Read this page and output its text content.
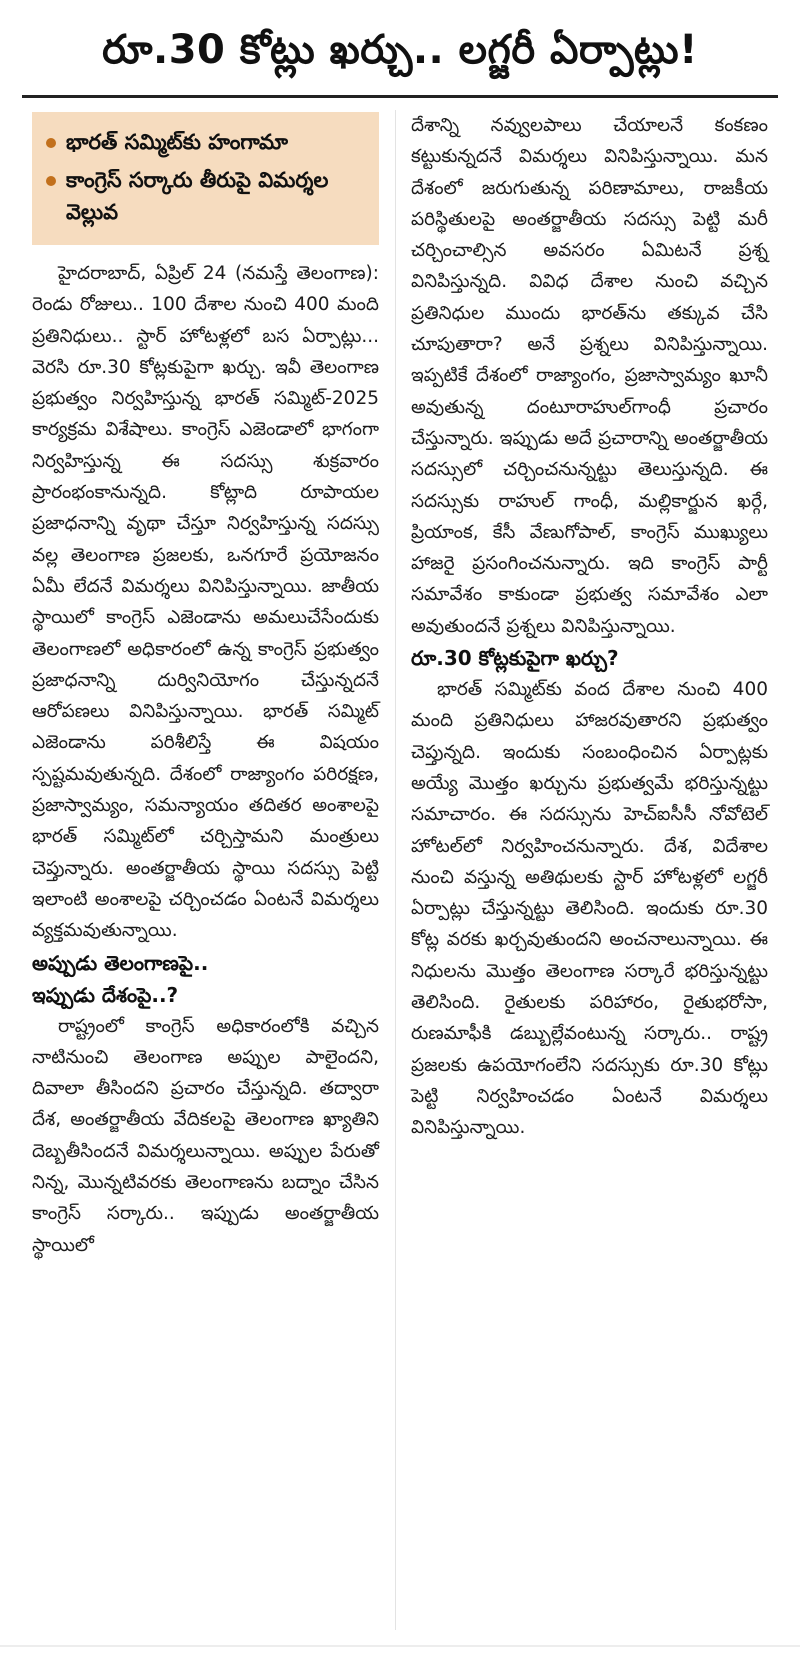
రూ.30 కోట్లు ఖర్చు.. లగ్జరీ ఏర్పాట్లు!
భారత్ సమ్మిట్‌కు హంగామా
కాంగ్రెస్ సర్కారు తీరుపై విమర్శల వెల్లువ

హైదరాబాద్, ఏప్రిల్ 24 (నమస్తే తెలంగాణ): రెండు రోజులు.. 100 దేశాల నుంచి 400 మంది ప్రతినిధులు.. స్టార్ హోటళ్లలో బస ఏర్పాట్లు... వెరసి రూ.30 కోట్లకుపైగా ఖర్చు. ఇవీ తెలంగాణ ప్రభుత్వం నిర్వహిస్తున్న భారత్ సమ్మిట్-2025 కార్యక్రమ విశేషాలు. కాంగ్రెస్ ఎజెండాలో భాగంగా నిర్వహిస్తున్న ఈ సదస్సు శుక్రవారం ప్రారంభంకానున్నది. కోట్లాది రూపాయల ప్రజాధనాన్ని వృథా చేస్తూ నిర్వహిస్తున్న సదస్సు వల్ల తెలంగాణ ప్రజలకు, ఒనగూరే ప్రయోజనం ఏమీ లేదనే విమర్శలు వినిపిస్తున్నాయి. జాతీయ స్థాయిలో కాంగ్రెస్ ఎజెండాను అమలుచేసేందుకు తెలంగాణలో అధికారంలో ఉన్న కాంగ్రెస్ ప్రభుత్వం ప్రజాధనాన్ని దుర్వినియోగం చేస్తున్నదనే ఆరోపణలు వినిపిస్తున్నాయి. భారత్ సమ్మిట్ ఎజెండాను పరిశీలిస్తే ఈ విషయం స్పష్టమవుతున్నది. దేశంలో రాజ్యాంగం పరిరక్షణ, ప్రజాస్వామ్యం, సమన్యాయం తదితర అంశాలపై భారత్ సమ్మిట్‌లో చర్చిస్తామని మంత్రులు చెప్తున్నారు. అంతర్జాతీయ స్థాయి సదస్సు పెట్టి ఇలాంటి అంశాలపై చర్చించడం ఏంటనే విమర్శలు వ్యక్తమవుతున్నాయి.

అప్పుడు తెలంగాణపై..

ఇప్పుడు దేశంపై..?

రాష్ట్రంలో కాంగ్రెస్ అధికారంలోకి వచ్చిన నాటినుంచి తెలంగాణ అప్పుల పాలైందని, దివాలా తీసిందని ప్రచారం చేస్తున్నది. తద్వారా దేశ, అంతర్జాతీయ వేదికలపై తెలంగాణ ఖ్యాతిని దెబ్బతీసిందనే విమర్శలున్నాయి. అప్పుల పేరుతో నిన్న, మొన్నటివరకు తెలంగాణను బద్నాం చేసిన కాంగ్రెస్ సర్కారు.. ఇప్పుడు అంతర్జాతీయ స్థాయిలో

దేశాన్ని నవ్వులపాలు చేయాలనే కంకణం కట్టుకున్నదనే విమర్శలు వినిపిస్తున్నాయి. మన దేశంలో జరుగుతున్న పరిణామాలు, రాజకీయ పరిస్థితులపై అంతర్జాతీయ సదస్సు పెట్టి మరీ చర్చించాల్సిన అవసరం ఏమిటనే ప్రశ్న వినిపిస్తున్నది. వివిధ దేశాల నుంచి వచ్చిన ప్రతినిధుల ముందు భారత్‌ను తక్కువ చేసి చూపుతారా? అనే ప్రశ్నలు వినిపిస్తున్నాయి. ఇప్పటికే దేశంలో రాజ్యాంగం, ప్రజాస్వామ్యం ఖూనీ అవుతున్న దంటూరాహుల్‌గాంధీ ప్రచారం చేస్తున్నారు. ఇప్పుడు అదే ప్రచారాన్ని అంతర్జాతీయ సదస్సులో చర్చించనున్నట్టు తెలుస్తున్నది. ఈ సదస్సుకు రాహుల్ గాంధీ, మల్లికార్జున ఖర్గే, ప్రియాంక, కేసీ వేణుగోపాల్, కాంగ్రెస్ ముఖ్యులు హాజరై ప్రసంగించనున్నారు. ఇది కాంగ్రెస్ పార్టీ సమావేశం కాకుండా ప్రభుత్వ సమావేశం ఎలా అవుతుందనే ప్రశ్నలు వినిపిస్తున్నాయి.

రూ.30 కోట్లకుపైగా ఖర్చు?

భారత్ సమ్మిట్‌కు వంద దేశాల నుంచి 400 మంది ప్రతినిధులు హాజరవుతారని ప్రభుత్వం చెప్తున్నది. ఇందుకు సంబంధించిన ఏర్పాట్లకు అయ్యే మొత్తం ఖర్చును ప్రభుత్వమే భరిస్తున్నట్టు సమాచారం. ఈ సదస్సును హెచ్ఐసీసీ నోవోటెల్ హోటల్‌లో నిర్వహించనున్నారు. దేశ, విదేశాల నుంచి వస్తున్న అతిథులకు స్టార్ హోటళ్లలో లగ్జరీ ఏర్పాట్లు చేస్తున్నట్టు తెలిసింది. ఇందుకు రూ.30 కోట్ల వరకు ఖర్చవుతుందని అంచనాలున్నాయి. ఈ నిధులను మొత్తం తెలంగాణ సర్కారే భరిస్తున్నట్టు తెలిసింది. రైతులకు పరిహారం, రైతుభరోసా, రుణమాఫీకి డబ్బుల్లేవంటున్న సర్కారు.. రాష్ట్ర ప్రజలకు ఉపయోగంలేని సదస్సుకు రూ.30 కోట్లు పెట్టి నిర్వహించడం ఏంటనే విమర్శలు వినిపిస్తున్నాయి.
